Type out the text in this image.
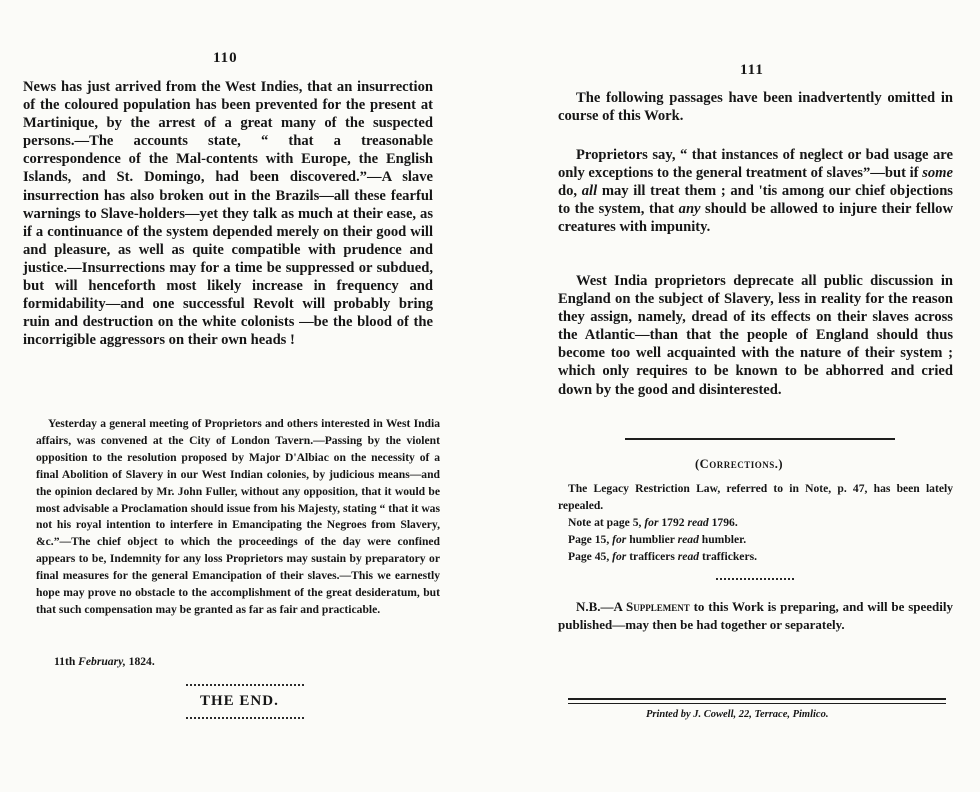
110
News has just arrived from the West Indies, that an insurrection of the coloured population has been prevented for the present at Martinique, by the arrest of a great many of the suspected persons.—The accounts state, “ that a treasonable correspondence of the Mal-contents with Europe, the English Islands, and St. Domingo, had been discovered.”—A slave insurrection has also broken out in the Brazils—all these fearful warnings to Slave-holders—yet they talk as much at their ease, as if a continuance of the system depended merely on their good will and pleasure, as well as quite compatible with prudence and justice.—Insurrections may for a time be suppressed or subdued, but will henceforth most likely increase in frequency and formidability—and one successful Revolt will probably bring ruin and destruction on the white colonists —be the blood of the incorrigible aggressors on their own heads !

Yesterday a general meeting of Proprietors and others interested in West India affairs, was convened at the City of London Tavern.—Passing by the violent opposition to the resolution proposed by Major D'Albiac on the necessity of a final Abolition of Slavery in our West Indian colonies, by judicious means—and the opinion declared by Mr. John Fuller, without any opposition, that it would be most advisable a Proclamation should issue from his Majesty, stating “ that it was not his royal intention to interfere in Emancipating the Negroes from Slavery, &c.”—The chief object to which the proceedings of the day were confined appears to be, Indemnity for any loss Proprietors may sustain by preparatory or final measures for the general Emancipation of their slaves.—This we earnestly hope may prove no obstacle to the accomplishment of the great desideratum, but that such compensation may be granted as far as fair and practicable.

11th February, 1824.
THE END.
111

The following passages have been inadvertently omitted in course of this Work.

Proprietors say, “ that instances of neglect or bad usage are only exceptions to the general treatment of slaves”—but if some do, all may ill treat them ; and 'tis among our chief objections to the system, that any should be allowed to injure their fellow creatures with impunity.

West India proprietors deprecate all public discussion in England on the subject of Slavery, less in reality for the reason they assign, namely, dread of its effects on their slaves across the Atlantic—than that the people of England should thus become too well acquainted with the nature of their system ; which only requires to be known to be abhorred and cried down by the good and disinterested.

(Corrections.)

The Legacy Restriction Law, referred to in Note, p. 47, has been lately repealed.

Note at page 5, for 1792 read 1796.
Page 15, for humblier read humbler.
Page 45, for trafficers read traffickers.

N.B.—A Supplement to this Work is preparing, and will be speedily published—may then be had together or separately.

Printed by J. Cowell, 22, Terrace, Pimlico.
